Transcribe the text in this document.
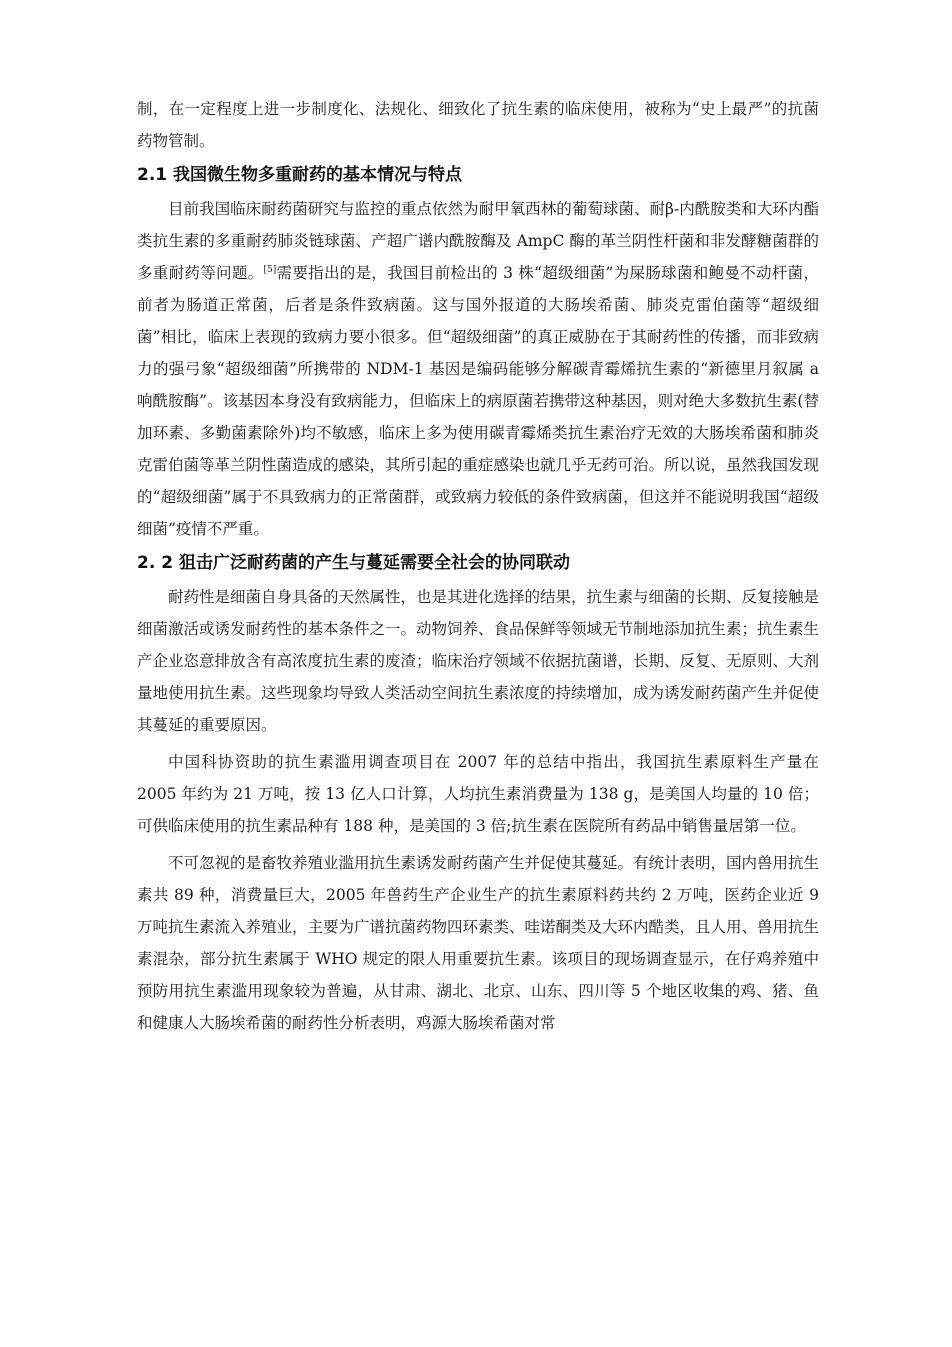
制，在一定程度上进一步制度化、法规化、细致化了抗生素的临床使用，被称为“史上最严”的抗菌药物管制。

2.1 我国微生物多重耐药的基本情况与特点

目前我国临床耐药菌研究与监控的重点依然为耐甲氧西林的葡萄球菌、耐β-内酰胺类和大环内酯类抗生素的多重耐药肺炎链球菌、产超广谱内酰胺酶及 AmpC 酶的革兰阴性杆菌和非发酵糖菌群的多重耐药等问题。[5]需要指出的是，我国目前检出的 3 株“超级细菌”为屎肠球菌和鲍曼不动杆菌，前者为肠道正常菌，后者是条件致病菌。这与国外报道的大肠埃希菌、肺炎克雷伯菌等“超级细菌”相比，临床上表现的致病力要小很多。但“超级细菌”的真正威胁在于其耐药性的传播，而非致病力的强弓象“超级细菌”所携带的 NDM-1 基因是编码能够分解碳青霉烯抗生素的“新德里月叙属 a 响酰胺酶”。该基因本身没有致病能力，但临床上的病原菌若携带这种基因，则对绝大多数抗生素(替加环素、多勤菌素除外)均不敏感，临床上多为使用碳青霉烯类抗生素治疗无效的大肠埃希菌和肺炎克雷伯菌等革兰阴性菌造成的感染，其所引起的重症感染也就几乎无药可治。所以说，虽然我国发现的“超级细菌”属于不具致病力的正常菌群，或致病力较低的条件致病菌，但这并不能说明我国“超级细菌”疫情不严重。

2. 2 狙击广泛耐药菌的产生与蔓延需要全社会的协同联动

耐药性是细菌自身具备的天然属性，也是其进化选择的结果，抗生素与细菌的长期、反复接触是细菌激活或诱发耐药性的基本条件之一。动物饲养、食品保鲜等领域无节制地添加抗生素；抗生素生产企业恣意排放含有高浓度抗生素的废渣；临床治疗领域不依据抗菌谱，长期、反复、无原则、大剂量地使用抗生素。这些现象均导致人类活动空间抗生素浓度的持续增加，成为诱发耐药菌产生并促使其蔓延的重要原因。

中国科协资助的抗生素滥用调查项目在 2007 年的总结中指出，我国抗生素原料生产量在 2005 年约为 21 万吨，按 13 亿人口计算，人均抗生素消费量为 138 g，是美国人均量的 10 倍；可供临床使用的抗生素品种有 188 种，是美国的 3 倍;抗生素在医院所有药品中销售量居第一位。

不可忽视的是畜牧养殖业滥用抗生素诱发耐药菌产生并促使其蔓延。有统计表明，国内兽用抗生素共 89 种，消费量巨大，2005 年兽药生产企业生产的抗生素原料药共约 2 万吨，医药企业近 9 万吨抗生素流入养殖业，主要为广谱抗菌药物四环素类、哇诺酮类及大环内酷类，且人用、兽用抗生素混杂，部分抗生素属于 WHO 规定的限人用重要抗生素。该项目的现场调查显示，在仔鸡养殖中预防用抗生素滥用现象较为普遍，从甘肃、湖北、北京、山东、四川等 5 个地区收集的鸡、猪、鱼和健康人大肠埃希菌的耐药性分析表明，鸡源大肠埃希菌对常
